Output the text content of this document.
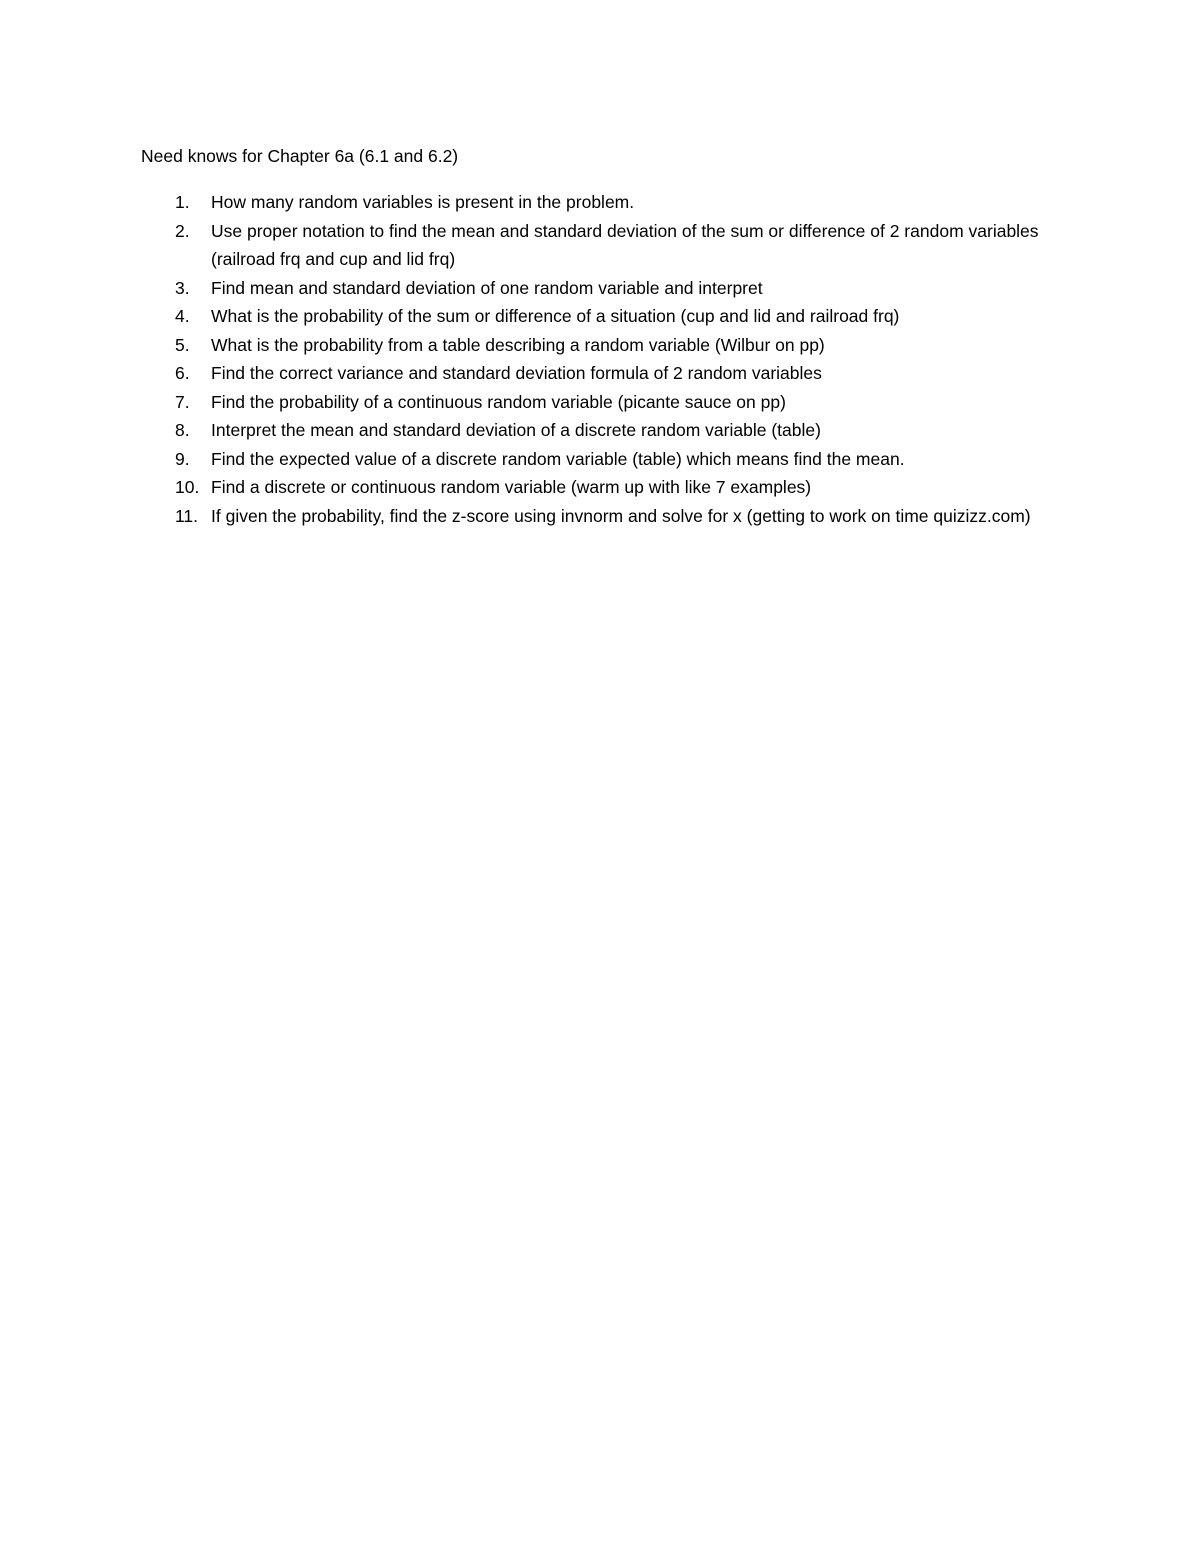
Need knows for Chapter 6a (6.1 and 6.2)

1. How many random variables is present in the problem.
2. Use proper notation to find the mean and standard deviation of the sum or difference of 2 random variables (railroad frq and cup and lid frq)
3. Find mean and standard deviation of one random variable and interpret
4. What is the probability of the sum or difference of a situation (cup and lid and railroad frq)
5. What is the probability from a table describing a random variable (Wilbur on pp)
6. Find the correct variance and standard deviation formula of 2 random variables
7. Find the probability of a continuous random variable (picante sauce on pp)
8. Interpret the mean and standard deviation of a discrete random variable (table)
9. Find the expected value of a discrete random variable (table) which means find the mean.
10. Find a discrete or continuous random variable (warm up with like 7 examples)
11. If given the probability, find the z-score using invnorm and solve for x (getting to work on time quizizz.com)
